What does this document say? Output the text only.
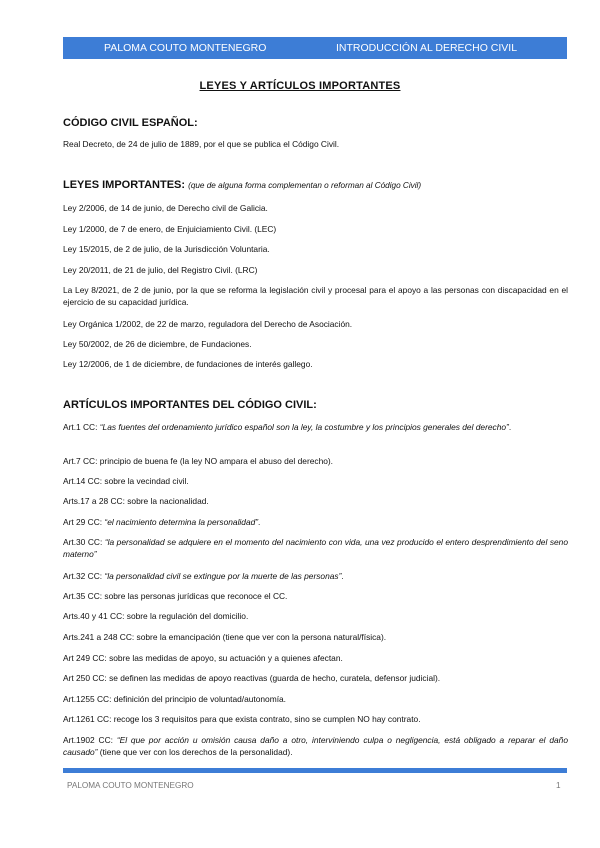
PALOMA COUTO MONTENEGRO	INTRODUCCIÓN AL DERECHO CIVIL
LEYES Y ARTÍCULOS IMPORTANTES
CÓDIGO CIVIL ESPAÑOL:
Real Decreto, de 24 de julio de 1889, por el que se publica el Código Civil.
LEYES IMPORTANTES: (que de alguna forma complementan o reforman al Código Civil)
Ley 2/2006, de 14 de junio, de Derecho civil de Galicia.
Ley 1/2000, de 7 de enero, de Enjuiciamiento Civil. (LEC)
Ley 15/2015, de 2 de julio, de la Jurisdicción Voluntaria.
Ley 20/2011, de 21 de julio, del Registro Civil. (LRC)
La Ley 8/2021, de 2 de junio, por la que se reforma la legislación civil y procesal para el apoyo a las personas con discapacidad en el ejercicio de su capacidad jurídica.
Ley Orgánica 1/2002, de 22 de marzo, reguladora del Derecho de Asociación.
Ley 50/2002, de 26 de diciembre, de Fundaciones.
Ley 12/2006, de 1 de diciembre, de fundaciones de interés gallego.
ARTÍCULOS IMPORTANTES DEL CÓDIGO CIVIL:
Art.1 CC: “Las fuentes del ordenamiento jurídico español son la ley, la costumbre y los principios generales del derecho”.
Art.7 CC: principio de buena fe (la ley NO ampara el abuso del derecho).
Art.14 CC: sobre la vecindad civil.
Arts.17 a 28 CC: sobre la nacionalidad.
Art 29 CC: “el nacimiento determina la personalidad”.
Art.30 CC: “la personalidad se adquiere en el momento del nacimiento con vida, una vez producido el entero desprendimiento del seno materno”
Art.32 CC: “la personalidad civil se extingue por la muerte de las personas”.
Art.35 CC: sobre las personas jurídicas que reconoce el CC.
Arts.40 y 41 CC: sobre la regulación del domicilio.
Arts.241 a 248 CC: sobre la emancipación (tiene que ver con la persona natural/física).
Art 249 CC: sobre las medidas de apoyo, su actuación y a quienes afectan.
Art 250 CC: se definen las medidas de apoyo reactivas (guarda de hecho, curatela, defensor judicial).
Art.1255 CC: definición del principio de voluntad/autonomía.
Art.1261 CC: recoge los 3 requisitos para que exista contrato, sino se cumplen NO hay contrato.
Art.1902 CC: “El que por acción u omisión causa daño a otro, interviniendo culpa o negligencia, está obligado a reparar el daño causado” (tiene que ver con los derechos de la personalidad).
PALOMA COUTO MONTENEGRO	1
